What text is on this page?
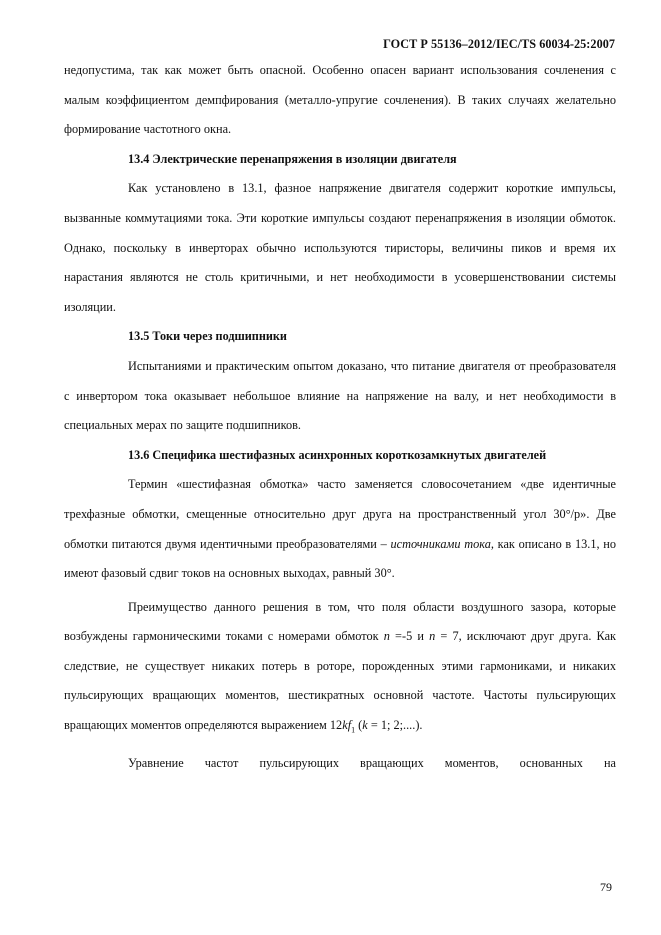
ГОСТ Р 55136–2012/IEC/TS 60034-25:2007

недопустима, так как может быть опасной. Особенно опасен вариант использования сочленения с малым коэффициентом демпфирования (металло-упругие сочленения). В таких случаях желательно формирование частотного окна.

13.4 Электрические перенапряжения в изоляции двигателя

Как установлено в 13.1, фазное напряжение двигателя содержит короткие импульсы, вызванные коммутациями тока. Эти короткие импульсы создают перенапряжения в изоляции обмоток. Однако, поскольку в инверторах обычно используются тиристоры, величины пиков и время их нарастания являются не столь критичными, и нет необходимости в усовершенствовании системы изоляции.

13.5 Токи через подшипники

Испытаниями и практическим опытом доказано, что питание двигателя от преобразователя с инвертором тока оказывает небольшое влияние на напряжение на валу, и нет необходимости в специальных мерах по защите подшипников.

13.6 Специфика шестифазных асинхронных короткозамкнутых двигателей

Термин «шестифазная обмотка» часто заменяется словосочетанием «две идентичные трехфазные обмотки, смещенные относительно друг друга на пространственный угол 30°/p». Две обмотки питаются двумя идентичными преобразователями – источниками тока, как описано в 13.1, но имеют фазовый сдвиг токов на основных выходах, равный 30°.

Преимущество данного решения в том, что поля области воздушного зазора, которые возбуждены гармоническими токами с номерами обмоток n =-5 и n = 7, исключают друг друга. Как следствие, не существует никаких потерь в роторе, порожденных этими гармониками, и никаких пульсирующих вращающих моментов, шестикратных основной частоте. Частоты пульсирующих вращающих моментов определяются выражением $12kf_1$ (k = 1; 2;....).

Уравнение частот пульсирующих вращающих моментов, основанных на

79
